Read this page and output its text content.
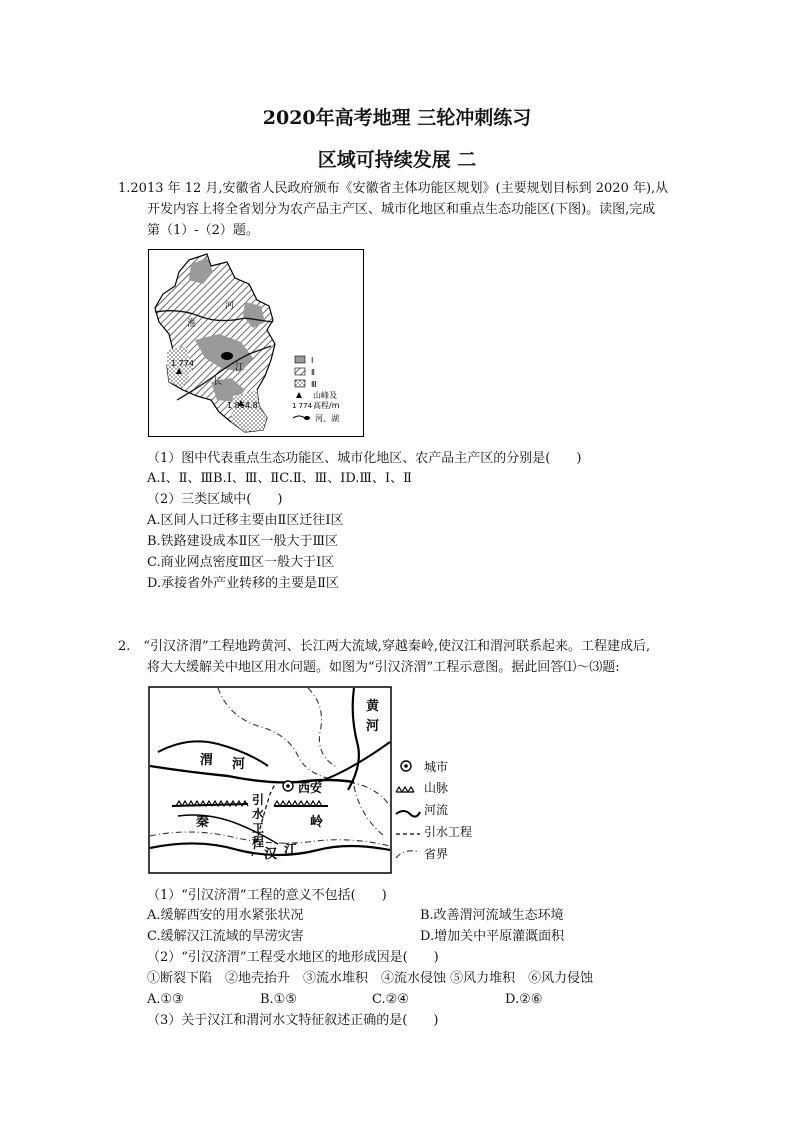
2020年高考地理 三轮冲刺练习
区域可持续发展 二
1.2013 年 12 月,安徽省人民政府颁布《安徽省主体功能区规划》(主要规划目标到 2020 年),从
开发内容上将全省划分为农产品主产区、城市化地区和重点生态功能区(下图)。读图,完成
第（1）-（2）题。
淮
河
长
江
1 774
1 864.8
Ⅰ
Ⅱ
Ⅲ
1 774
山峰及
高程/m
河、湖
（1）图中代表重点生态功能区、城市化地区、农产品主产区的分别是(　　)
A.Ⅰ、Ⅱ、ⅢB.Ⅰ、Ⅲ、ⅡC.Ⅱ、Ⅲ、ⅠD.Ⅲ、Ⅰ、Ⅱ
（2）三类区域中(　　)
A.区间人口迁移主要由Ⅱ区迁往Ⅰ区
B.铁路建设成本Ⅱ区一般大于Ⅲ区
C.商业网点密度Ⅲ区一般大于Ⅰ区
D.承接省外产业转移的主要是Ⅱ区
2.　“引汉济渭”工程地跨黄河、长江两大流域,穿越秦岭,使汉江和渭河联系起来。工程建成后,
将大大缓解关中地区用水问题。如图为“引汉济渭”工程示意图。据此回答⑴～⑶题:
黄
河
渭 河
西安
秦	岭
引
水
工
程
汉 江
城市
山脉
河流
引水工程
省界
（1）“引汉济渭”工程的意义不包括(　　)
A.缓解西安的用水紧张状况	B.改善渭河流域生态环境
C.缓解汉江流域的旱涝灾害	D.增加关中平原灌溉面积
（2）“引汉济渭”工程受水地区的地形成因是(　　)
①断裂下陷　②地壳抬升　③流水堆积　④流水侵蚀 ⑤风力堆积　⑥风力侵蚀
A.①③	B.①⑤	C.②④	D.②⑥
（3）关于汉江和渭河水文特征叙述正确的是(　　)
